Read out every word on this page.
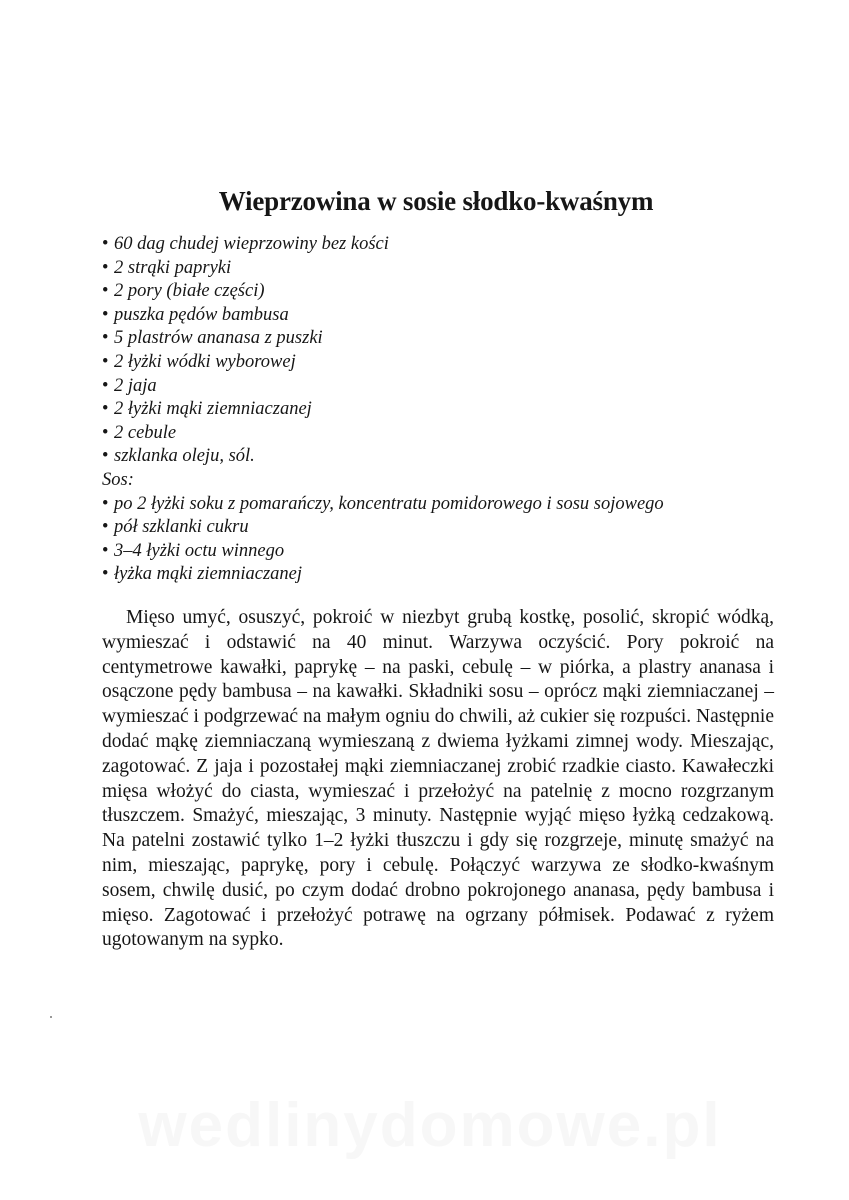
Wieprzowina w sosie słodko-kwaśnym
• 60 dag chudej wieprzowiny bez kości
• 2 strąki papryki
• 2 pory (białe części)
• puszka pędów bambusa
• 5 plastrów ananasa z puszki
• 2 łyżki wódki wyborowej
• 2 jaja
• 2 łyżki mąki ziemniaczanej
• 2 cebule
• szklanka oleju, sól.
Sos:
• po 2 łyżki soku z pomarańczy, koncentratu pomidorowego i sosu sojowego
• pół szklanki cukru
• 3–4 łyżki octu winnego
• łyżka mąki ziemniaczanej

Mięso umyć, osuszyć, pokroić w niezbyt grubą kostkę, posolić, skropić wódką, wymieszać i odstawić na 40 minut. Warzywa oczyścić. Pory pokroić na centymetrowe kawałki, paprykę – na paski, cebulę – w piórka, a plastry ananasa i osączone pędy bambusa – na kawałki. Składniki sosu – oprócz mąki ziemniaczanej – wymieszać i podgrzewać na małym ogniu do chwili, aż cukier się rozpuści. Następnie dodać mąkę ziemniaczaną wymieszaną z dwiema łyżkami zimnej wody. Mieszając, zagotować. Z jaja i pozostałej mąki ziemniaczanej zrobić rzadkie ciasto. Kawałeczki mięsa włożyć do ciasta, wymieszać i przełożyć na patelnię z mocno rozgrzanym tłuszczem. Smażyć, mieszając, 3 minuty. Następnie wyjąć mięso łyżką cedzakową. Na patelni zostawić tylko 1–2 łyżki tłuszczu i gdy się rozgrzeje, minutę smażyć na nim, mieszając, paprykę, pory i cebulę. Połączyć warzywa ze słodko-kwaśnym sosem, chwilę dusić, po czym dodać drobno pokrojonego ananasa, pędy bambusa i mięso. Zagotować i przełożyć potrawę na ogrzany półmisek. Podawać z ryżem ugotowanym na sypko.

wedlinydomowe.pl
